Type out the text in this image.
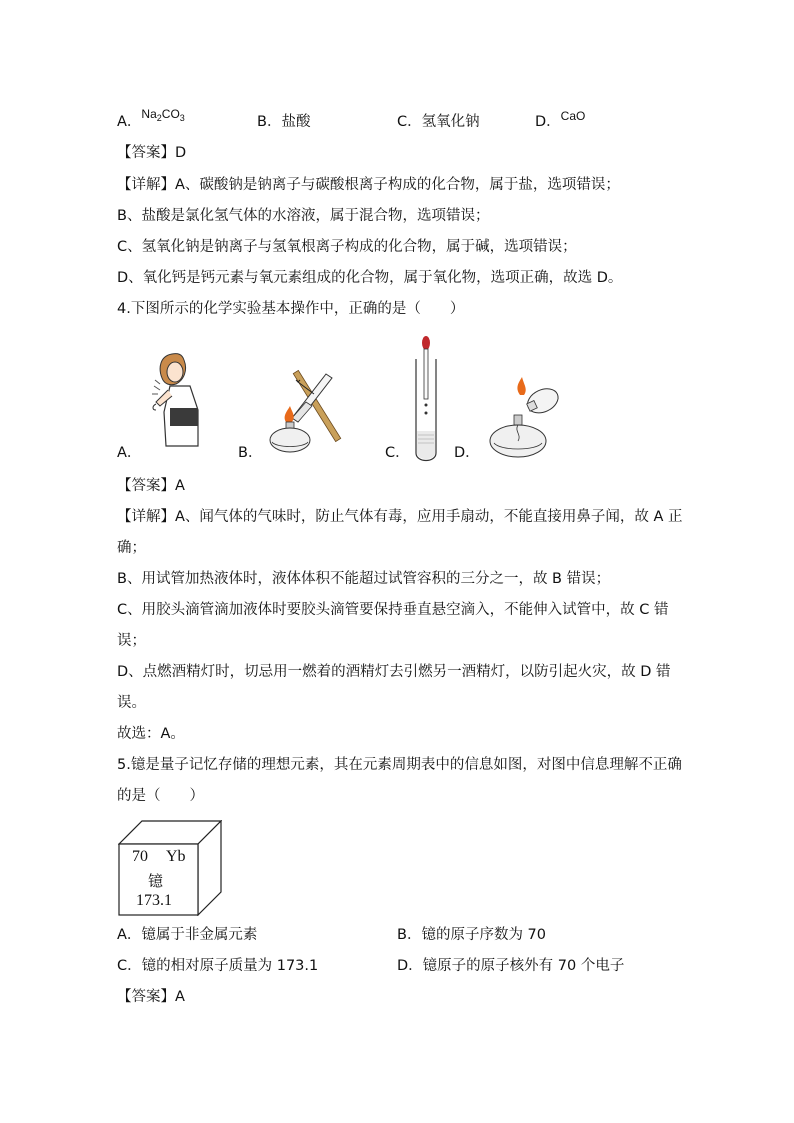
A．$^{Na_2CO_3}$	B．盐酸	C．氢氧化钠	D．$^{CaO}$
【答案】D
【详解】A、碳酸钠是钠离子与碳酸根离子构成的化合物，属于盐，选项错误；
B、盐酸是氯化氢气体的水溶液，属于混合物，选项错误；
C、氢氧化钠是钠离子与氢氧根离子构成的化合物，属于碱，选项错误；
D、氧化钙是钙元素与氧元素组成的化合物，属于氧化物，选项正确，故选 D。
4.下图所示的化学实验基本操作中，正确的是（　　）
A．	B．	C．	D．
【答案】A
【详解】A、闻气体的气味时，防止气体有毒，应用手扇动，不能直接用鼻子闻，故 A 正
确；
B、用试管加热液体时，液体体积不能超过试管容积的三分之一，故 B 错误；
C、用胶头滴管滴加液体时要胶头滴管要保持垂直悬空滴入，不能伸入试管中，故 C 错
误；
D、点燃酒精灯时，切忌用一燃着的酒精灯去引燃另一酒精灯，以防引起火灾，故 D 错
误。
故选：A。
5.镱是量子记忆存储的理想元素，其在元素周期表中的信息如图，对图中信息理解不正确
的是（　　）
70 Yb
镱
173.1
A．镱属于非金属元素	B．镱的原子序数为 70
C．镱的相对原子质量为 173.1	D．镱原子的原子核外有 70 个电子
【答案】A
